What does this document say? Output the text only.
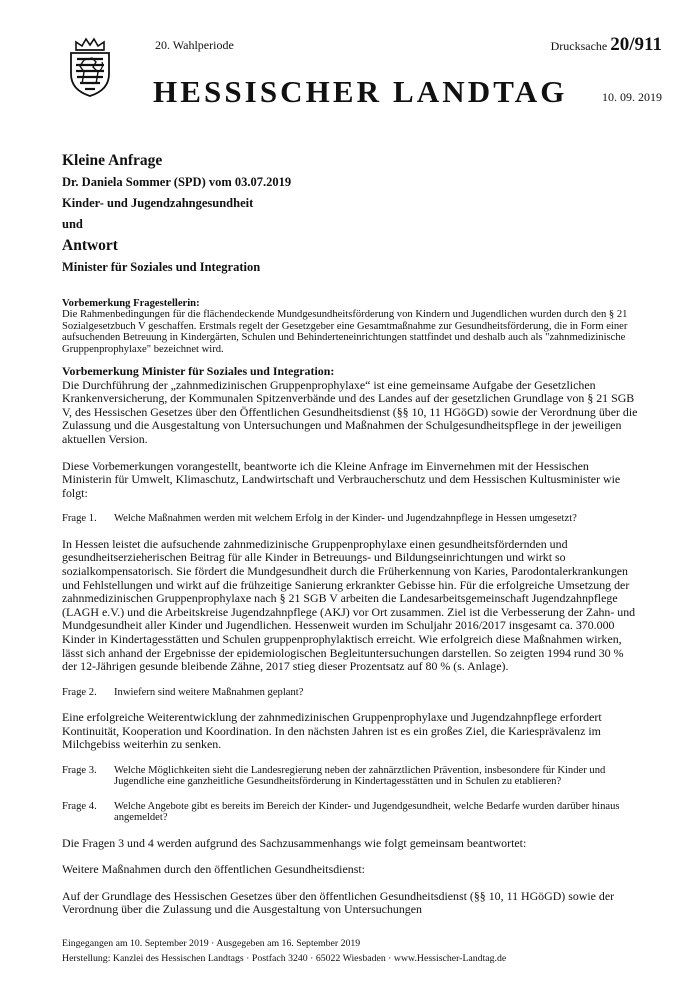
20. Wahlperiode	Drucksache 20/911
HESSISCHER LANDTAG	10. 09. 2019
Kleine Anfrage
Dr. Daniela Sommer (SPD) vom 03.07.2019
Kinder- und Jugendzahngesundheit
und
Antwort
Minister für Soziales und Integration
Vorbemerkung Fragestellerin:

Die Rahmenbedingungen für die flächendeckende Mundgesundheitsförderung von Kindern und Jugendlichen wurden durch den § 21 Sozialgesetzbuch V geschaffen. Erstmals regelt der Gesetzgeber eine Gesamtmaßnahme zur Gesundheitsförderung, die in Form einer aufsuchenden Betreuung in Kindergärten, Schulen und Behinderteneinrichtungen stattfindet und deshalb auch als "zahnmedizinische Gruppenprophylaxe" bezeichnet wird.

Vorbemerkung Minister für Soziales und Integration:

Die Durchführung der „zahnmedizinischen Gruppenprophylaxe“ ist eine gemeinsame Aufgabe der Gesetzlichen Krankenversicherung, der Kommunalen Spitzenverbände und des Landes auf der gesetzlichen Grundlage von § 21 SGB V, des Hessischen Gesetzes über den Öffentlichen Gesundheitsdienst (§§ 10, 11 HGöGD) sowie der Verordnung über die Zulassung und die Ausgestaltung von Untersuchungen und Maßnahmen der Schulgesundheitspflege in der jeweiligen aktuellen Version.

Diese Vorbemerkungen vorangestellt, beantworte ich die Kleine Anfrage im Einvernehmen mit der Hessischen Ministerin für Umwelt, Klimaschutz, Landwirtschaft und Verbraucherschutz und dem Hessischen Kultusminister wie folgt:

Frage 1.	Welche Maßnahmen werden mit welchem Erfolg in der Kinder- und Jugendzahnpflege in Hessen umgesetzt?

In Hessen leistet die aufsuchende zahnmedizinische Gruppenprophylaxe einen gesundheitsfördernden und gesundheitserzieherischen Beitrag für alle Kinder in Betreuungs- und Bildungseinrichtungen und wirkt so sozialkompensatorisch. Sie fördert die Mundgesundheit durch die Früherkennung von Karies, Parodontalerkrankungen und Fehlstellungen und wirkt auf die frühzeitige Sanierung erkrankter Gebisse hin. Für die erfolgreiche Umsetzung der zahnmedizinischen Gruppenprophylaxe nach § 21 SGB V arbeiten die Landesarbeitsgemeinschaft Jugendzahnpflege (LAGH e.V.) und die Arbeitskreise Jugendzahnpflege (AKJ) vor Ort zusammen. Ziel ist die Verbesserung der Zahn- und Mundgesundheit aller Kinder und Jugendlichen. Hessenweit wurden im Schuljahr 2016/2017 insgesamt ca. 370.000 Kinder in Kindertagesstätten und Schulen gruppenprophylaktisch erreicht. Wie erfolgreich diese Maßnahmen wirken, lässt sich anhand der Ergebnisse der epidemiologischen Begleituntersuchungen darstellen. So zeigten 1994 rund 30 % der 12-Jährigen gesunde bleibende Zähne, 2017 stieg dieser Prozentsatz auf 80 % (s. Anlage).

Frage 2.	Inwiefern sind weitere Maßnahmen geplant?

Eine erfolgreiche Weiterentwicklung der zahnmedizinischen Gruppenprophylaxe und Jugendzahnpflege erfordert Kontinuität, Kooperation und Koordination. In den nächsten Jahren ist es ein großes Ziel, die Kariesprävalenz im Milchgebiss weiterhin zu senken.

Frage 3.	Welche Möglichkeiten sieht die Landesregierung neben der zahnärztlichen Prävention, insbesondere für Kinder und Jugendliche eine ganzheitliche Gesundheitsförderung in Kindertagesstätten und in Schulen zu etablieren?
Frage 4.	Welche Angebote gibt es bereits im Bereich der Kinder- und Jugendgesundheit, welche Bedarfe wurden darüber hinaus angemeldet?

Die Fragen 3 und 4 werden aufgrund des Sachzusammenhangs wie folgt gemeinsam beantwortet:

Weitere Maßnahmen durch den öffentlichen Gesundheitsdienst:

Auf der Grundlage des Hessischen Gesetzes über den öffentlichen Gesundheitsdienst (§§ 10, 11 HGöGD) sowie der Verordnung über die Zulassung und die Ausgestaltung von Untersuchungen

Eingegangen am 10. September 2019 · Ausgegeben am 16. September 2019
Herstellung: Kanzlei des Hessischen Landtags · Postfach 3240 · 65022 Wiesbaden · www.Hessischer-Landtag.de
